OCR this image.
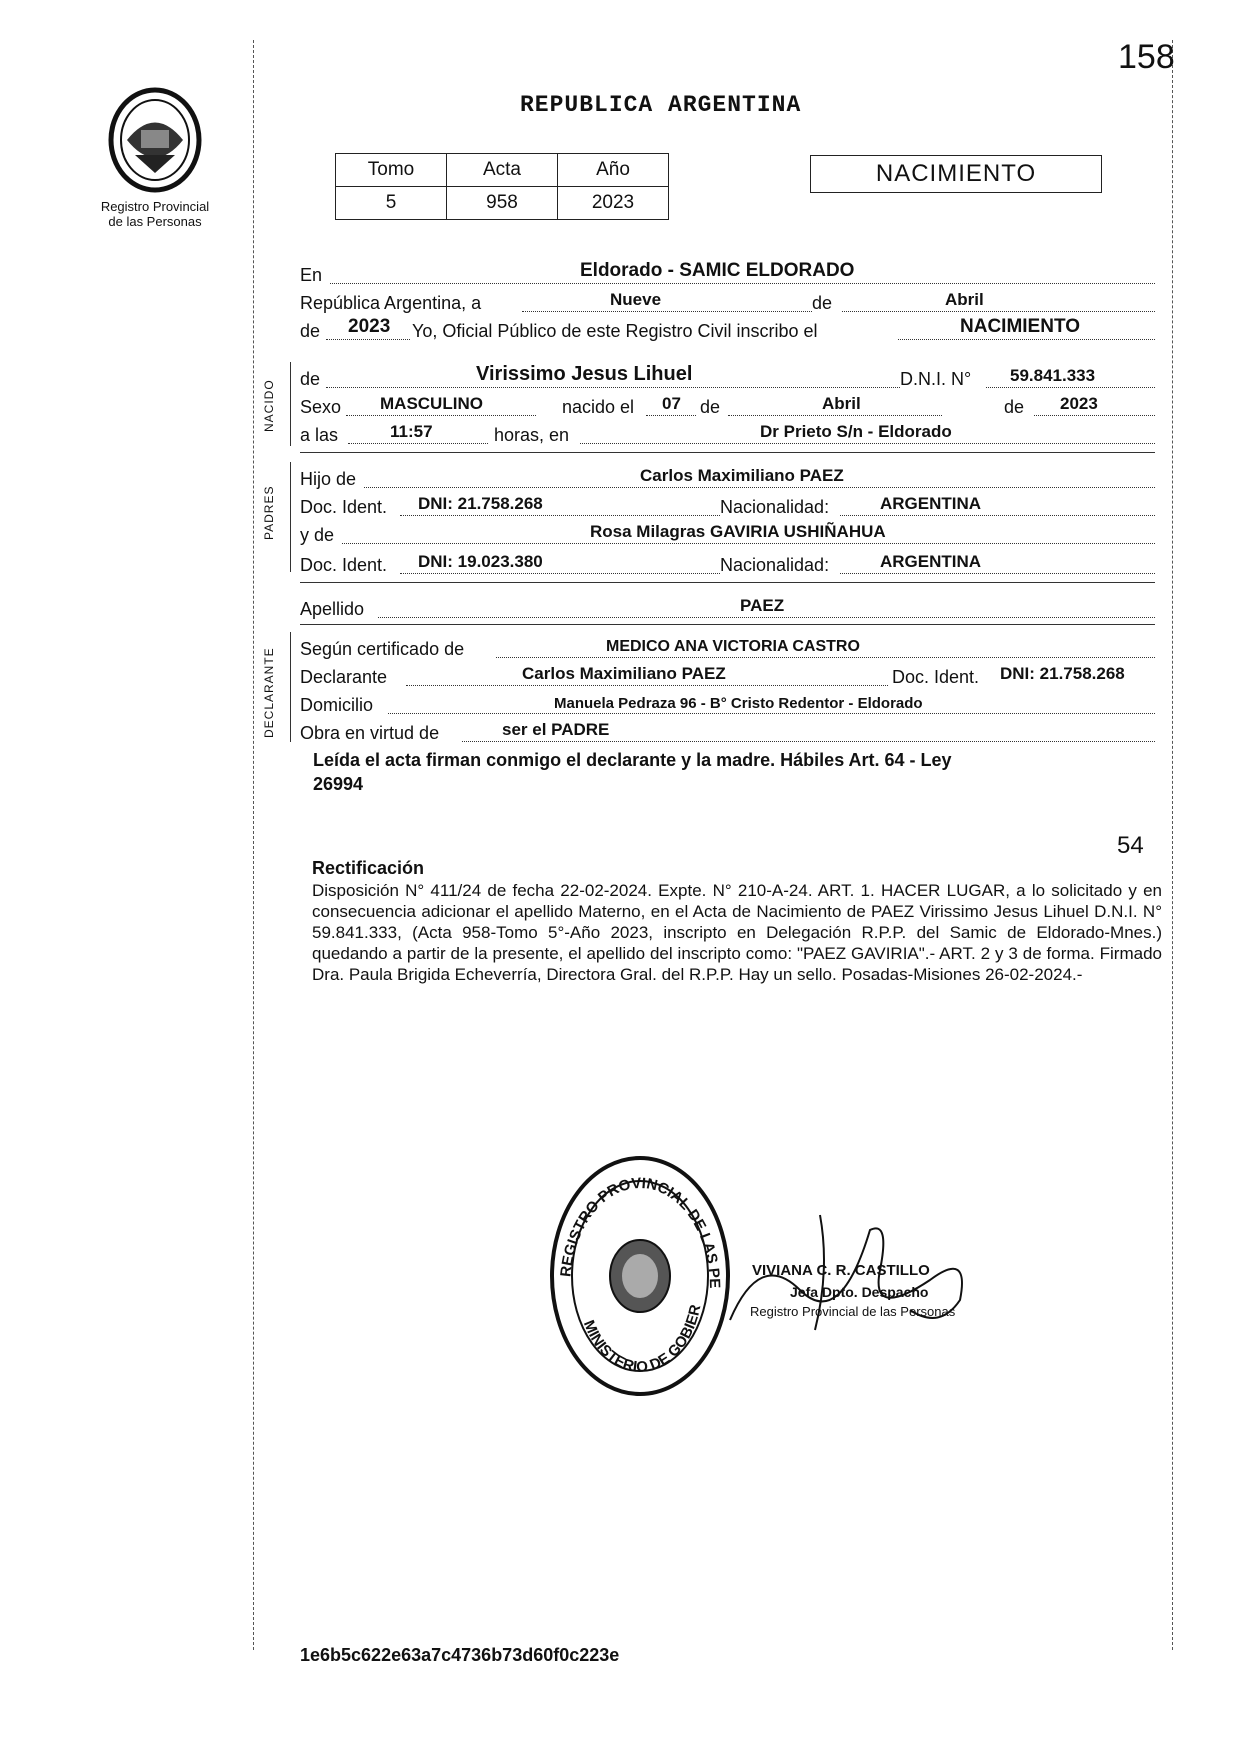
158
Registro Provincial
de las Personas
REPUBLICA ARGENTINA
Tomo	Acta	Año
5	958	2023
NACIMIENTO
En	Eldorado - SAMIC ELDORADO
República Argentina, a	Nueve	de	Abril
de 2023 Yo, Oficial Público de este Registro Civil inscribo el	NACIMIENTO
NACIDO
de	Virissimo Jesus Lihuel	D.N.I. N° 59.841.333
Sexo MASCULINO	nacido el 07 de	Abril	de 2023
a las	11:57	horas, en	Dr Prieto S/n - Eldorado
PADRES
Hijo de	Carlos Maximiliano PAEZ
Doc. Ident. DNI: 21.758.268	Nacionalidad:	ARGENTINA
y de	Rosa Milagras GAVIRIA USHIÑAHUA
Doc. Ident. DNI: 19.023.380	Nacionalidad:	ARGENTINA
Apellido	PAEZ
DECLARANTE Según certificado de	MEDICO ANA VICTORIA CASTRO
Declarante	Carlos Maximiliano PAEZ	Doc. Ident. DNI: 21.758.268
Domicilio	Manuela Pedraza 96 - B° Cristo Redentor - Eldorado
Obra en virtud de	ser el PADRE
Leída el acta firman conmigo el declarante y la madre. Hábiles Art. 64 - Ley
26994
54
Rectificación
Disposición N° 411/24 de fecha 22-02-2024. Expte. N° 210-A-24. ART. 1. HACER LUGAR, a lo solicitado y en consecuencia adicionar el apellido Materno, en el Acta de Nacimiento de PAEZ Virissimo Jesus Lihuel D.N.I. N° 59.841.333, (Acta 958-Tomo 5°-Año 2023, inscripto en Delegación R.P.P. del Samic de Eldorado-Mnes.) quedando a partir de la presente, el apellido del inscripto como: "PAEZ GAVIRIA".- ART. 2 y 3 de forma. Firmado Dra. Paula Brigida Echeverría, Directora Gral. del R.P.P. Hay un sello. Posadas-Misiones 26-02-2024.-
REGISTRO PROVINCIAL DE LAS PE
MINISTERIO DE GOBIER
VIVIANA C. R. CASTILLO
Jefa Dpto. Despacho
Registro Provincial de las Personas
1e6b5c622e63a7c4736b73d60f0c223e
